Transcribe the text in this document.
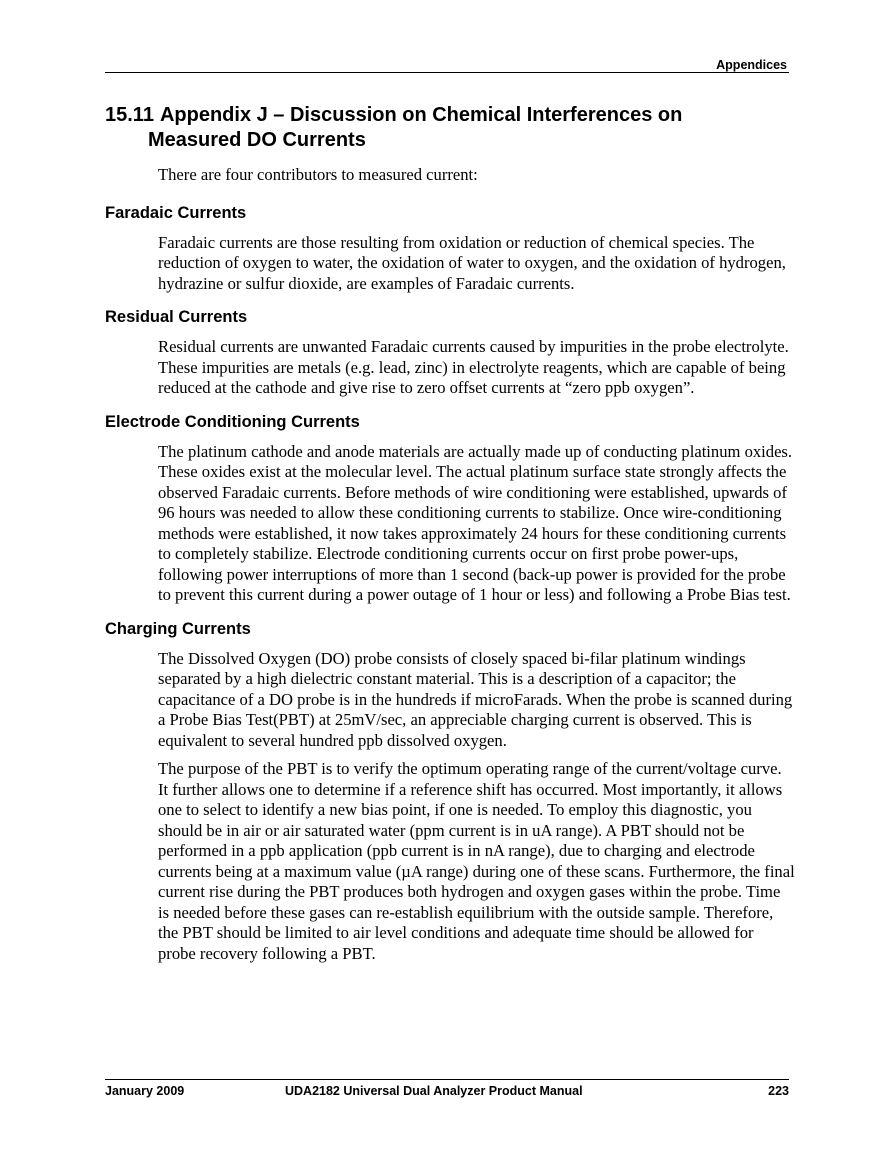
Appendices
15.11 Appendix J – Discussion on Chemical Interferences on
Measured DO Currents

There are four contributors to measured current:

Faradaic Currents

Faradaic currents are those resulting from oxidation or reduction of chemical species. The reduction of oxygen to water, the oxidation of water to oxygen, and the oxidation of hydrogen, hydrazine or sulfur dioxide, are examples of Faradaic currents.

Residual Currents

Residual currents are unwanted Faradaic currents caused by impurities in the probe electrolyte. These impurities are metals (e.g. lead, zinc) in electrolyte reagents, which are capable of being reduced at the cathode and give rise to zero offset currents at “zero ppb oxygen”.

Electrode Conditioning Currents

The platinum cathode and anode materials are actually made up of conducting platinum oxides. These oxides exist at the molecular level. The actual platinum surface state strongly affects the observed Faradaic currents. Before methods of wire conditioning were established, upwards of 96 hours was needed to allow these conditioning currents to stabilize. Once wire-conditioning methods were established, it now takes approximately 24 hours for these conditioning currents to completely stabilize. Electrode conditioning currents occur on first probe power-ups, following power interruptions of more than 1 second (back-up power is provided for the probe to prevent this current during a power outage of 1 hour or less) and following a Probe Bias test.

Charging Currents

The Dissolved Oxygen (DO) probe consists of closely spaced bi-filar platinum windings separated by a high dielectric constant material. This is a description of a capacitor; the capacitance of a DO probe is in the hundreds if microFarads. When the probe is scanned during a Probe Bias Test(PBT) at 25mV/sec, an appreciable charging current is observed. This is equivalent to several hundred ppb dissolved oxygen.

The purpose of the PBT is to verify the optimum operating range of the current/voltage curve. It further allows one to determine if a reference shift has occurred. Most importantly, it allows one to select to identify a new bias point, if one is needed. To employ this diagnostic, you should be in air or air saturated water (ppm current is in uA range). A PBT should not be performed in a ppb application (ppb current is in nA range), due to charging and electrode currents being at a maximum value (µA range) during one of these scans. Furthermore, the final current rise during the PBT produces both hydrogen and oxygen gases within the probe. Time is needed before these gases can re-establish equilibrium with the outside sample. Therefore, the PBT should be limited to air level conditions and adequate time should be allowed for probe recovery following a PBT.

January 2009	UDA2182 Universal Dual Analyzer Product Manual	223
